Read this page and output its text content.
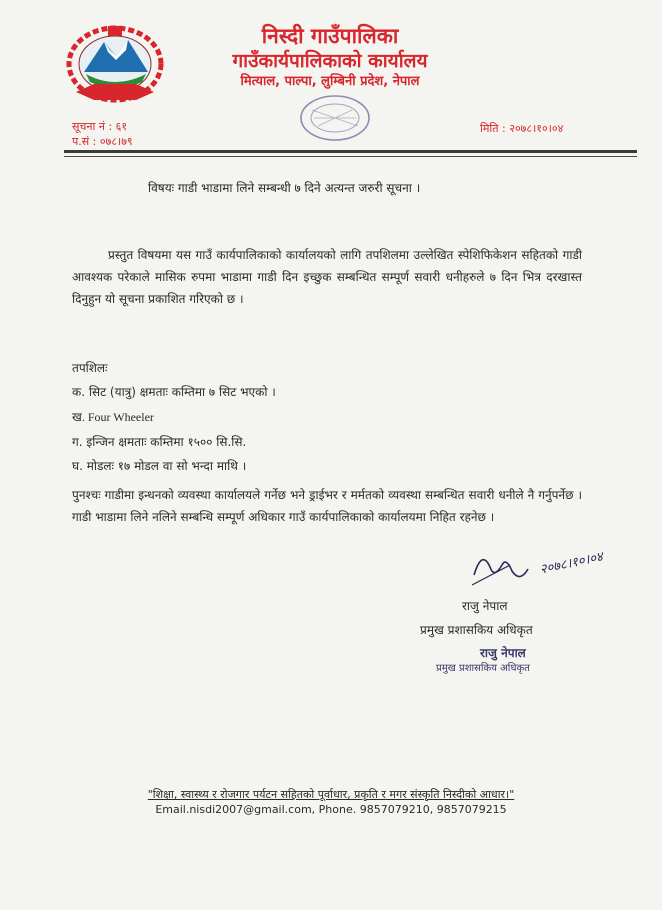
निस्दी गाउँपालिका
गाउँकार्यपालिकाको कार्यालय
मित्याल, पाल्पा, लुम्बिनी प्रदेश, नेपाल
सूचना नं : ६१
प.सं : ०७८।७९
मिति : २०७८।१०।०४
विषयः गाडी भाडामा लिने सम्बन्धी ७ दिने अत्यन्त जरुरी सूचना ।
प्रस्तुत विषयमा यस गाउँ कार्यपालिकाको कार्यालयको लागि तपशिलमा उल्लेखित स्पेशिफिकेशन सहितको गाडी आवश्यक परेकाले मासिक रुपमा भाडामा गाडी दिन इच्छुक सम्बन्धित सम्पूर्ण सवारी धनीहरुले ७ दिन भित्र दरखास्त दिनुहुन यो सूचना प्रकाशित गरिएको छ ।
तपशिलः
क. सिट (यात्रु) क्षमताः कम्तिमा ७ सिट भएको ।
ख. Four Wheeler
ग. इन्जिन क्षमताः कम्तिमा १५०० सि.सि.
घ. मोडलः १७ मोडल वा सो भन्दा माथि ।
पुनश्चः गाडीमा इन्धनको व्यवस्था कार्यालयले गर्नेछ भने ड्राईभर र मर्मतको व्यवस्था सम्बन्धित सवारी धनीले नै गर्नुपर्नेछ । गाडी भाडामा लिने नलिने सम्बन्धि सम्पूर्ण अधिकार गाउँ कार्यपालिकाको कार्यालयमा निहित रहनेछ ।
२०७८।१०।०४
राजु नेपाल
प्रमुख प्रशासकिय अधिकृत
राजु नेपाल
प्रमुख प्रशासकिय अधिकृत
"शिक्षा, स्वास्थ्य र रोजगार पर्यटन सहितको पूर्वाधार, प्रकृति र मगर संस्कृति निस्दीको आधार।"
Email.nisdi2007@gmail.com, Phone. 9857079210, 9857079215
